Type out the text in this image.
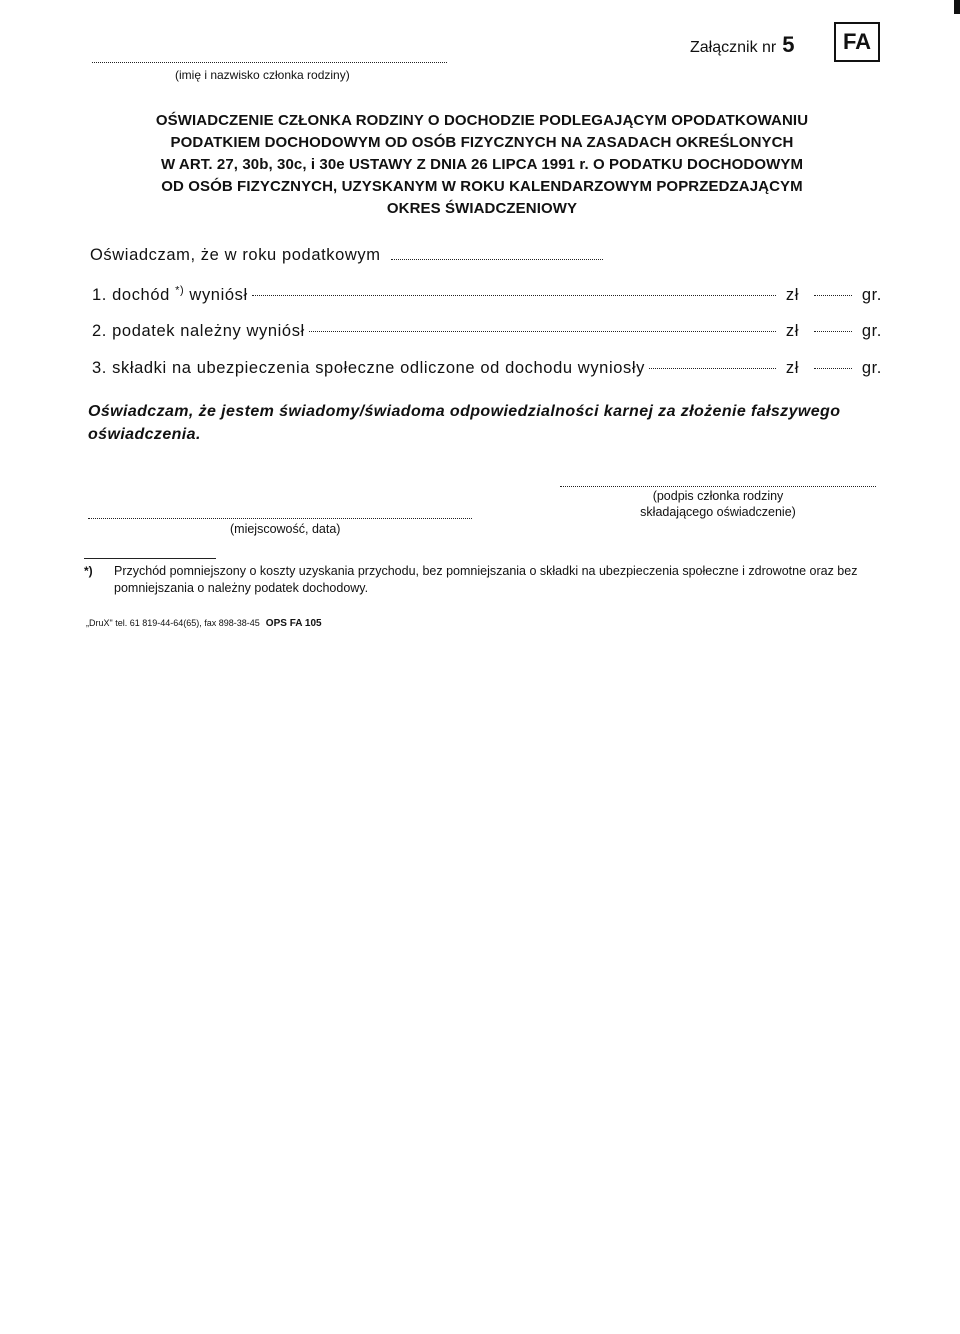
(imię i nazwisko członka rodziny)
Załącznik nr 5	FA
OŚWIADCZENIE CZŁONKA RODZINY O DOCHODZIE PODLEGAJĄCYM OPODATKOWANIU
PODATKIEM DOCHODOWYM OD OSÓB FIZYCZNYCH NA ZASADACH OKREŚLONYCH
W ART. 27, 30b, 30c, i 30e USTAWY Z DNIA 26 LIPCA 1991 r. O PODATKU DOCHODOWYM
OD OSÓB FIZYCZNYCH, UZYSKANYM W ROKU KALENDARZOWYM POPRZEDZAJĄCYM
OKRES ŚWIADCZENIOWY
Oświadczam, że w roku podatkowym
1. dochód *) wyniósł	zł	gr.
2. podatek należny wyniósł	zł	gr.
3. składki na ubezpieczenia społeczne odliczone od dochodu wyniosły	zł	gr.
Oświadczam, że jestem świadomy/świadoma odpowiedzialności karnej za złożenie fałszywego oświadczenia.
(podpis członka rodziny
składającego oświadczenie)
(miejscowość, data)
*) Przychód pomniejszony o koszty uzyskania przychodu, bez pomniejszania o składki na ubezpieczenia społeczne i zdrowotne oraz bez pomniejszania o należny podatek dochodowy.
„DruX" tel. 61 819-44-64(65), fax 898-38-45 OPS FA 105
